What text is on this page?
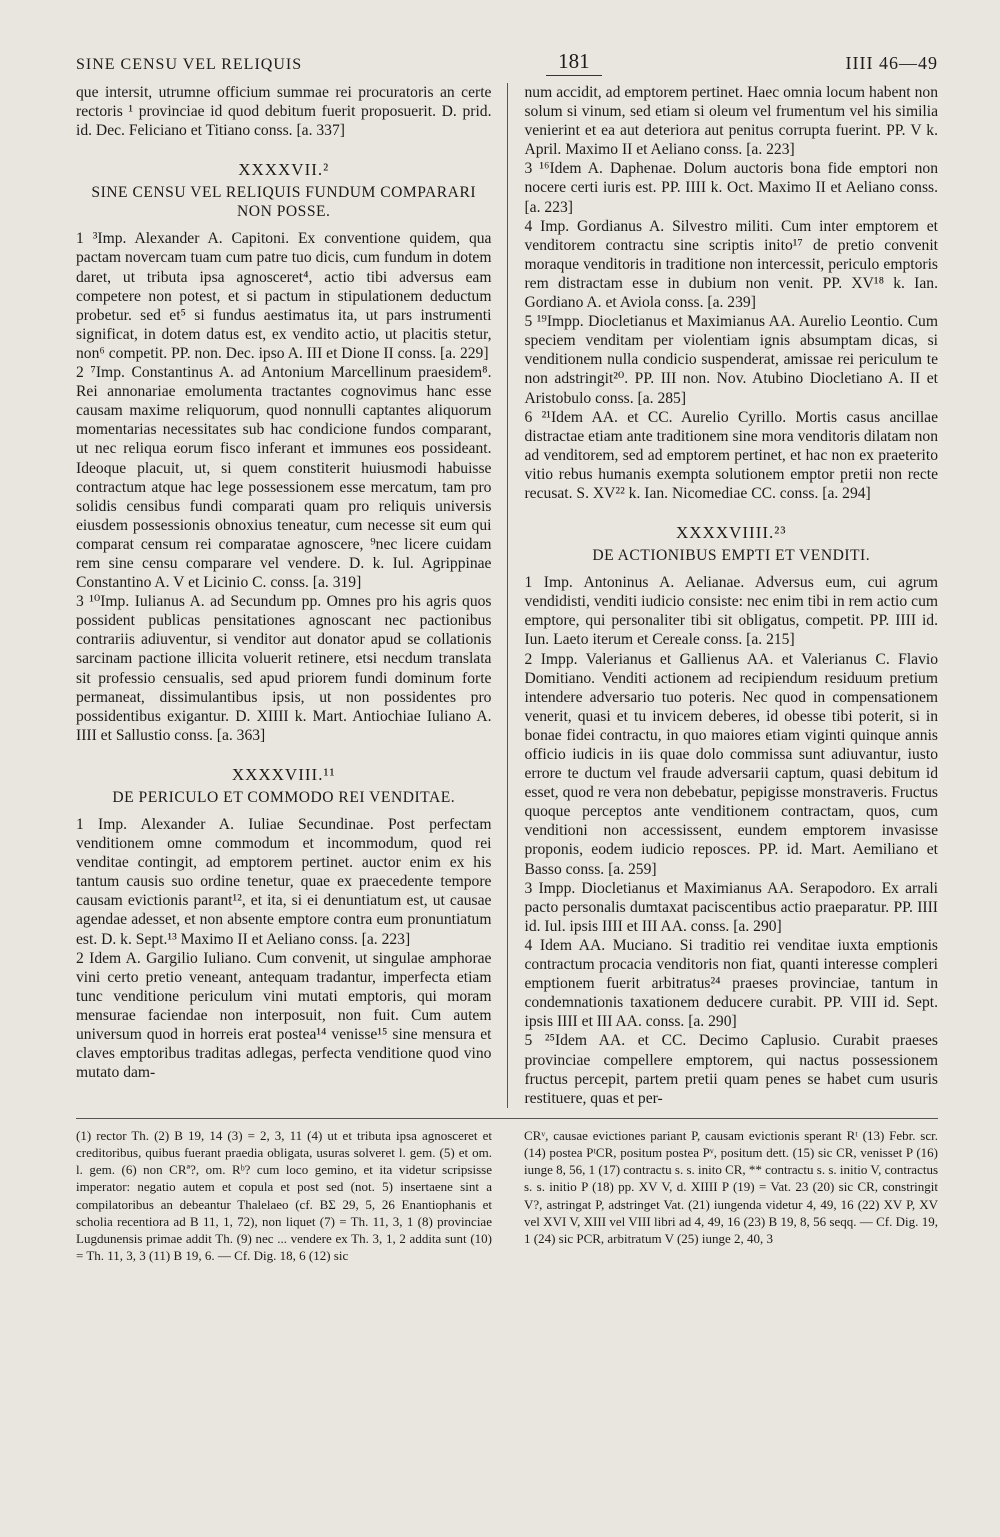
SINE CENSU VEL RELIQUIS	181	IIII 46—49

que intersit, utrumne officium summae rei procuratoris an certe rectoris ¹ provinciae id quod debitum fuerit proposuerit. D. prid. id. Dec. Feliciano et Titiano conss. [a. 337]

XXXXVII.²
SINE CENSU VEL RELIQUIS FUNDUM COMPARARI NON POSSE.

1 ³Imp. Alexander A. Capitoni. Ex conventione quidem, qua pactam novercam tuam cum patre tuo dicis, cum fundum in dotem daret, ut tributa ipsa agnosceret⁴, actio tibi adversus eam competere non potest, et si pactum in stipulationem deductum probetur. sed et⁵ si fundus aestimatus ita, ut pars instrumenti significat, in dotem datus est, ex vendito actio, ut placitis stetur, non⁶ competit. PP. non. Dec. ipso A. III et Dione II conss. [a. 229]

2 ⁷Imp. Constantinus A. ad Antonium Marcellinum praesidem⁸. Rei annonariae emolumenta tractantes cognovimus hanc esse causam maxime reliquorum, quod nonnulli captantes aliquorum momentarias necessitates sub hac condicione fundos comparant, ut nec reliqua eorum fisco inferant et immunes eos possideant. Ideoque placuit, ut, si quem constiterit huiusmodi habuisse contractum atque hac lege possessionem esse mercatum, tam pro solidis censibus fundi comparati quam pro reliquis universis eiusdem possessionis obnoxius teneatur, cum necesse sit eum qui comparat censum rei comparatae agnoscere, ⁹nec licere cuidam rem sine censu comparare vel vendere. D. k. Iul. Agrippinae Constantino A. V et Licinio C. conss. [a. 319]

3 ¹⁰Imp. Iulianus A. ad Secundum pp. Omnes pro his agris quos possident publicas pensitationes agnoscant nec pactionibus contrariis adiuventur, si venditor aut donator apud se collationis sarcinam pactione illicita voluerit retinere, etsi necdum translata sit professio censualis, sed apud priorem fundi dominum forte permaneat, dissimulantibus ipsis, ut non possidentes pro possidentibus exigantur. D. XIIII k. Mart. Antiochiae Iuliano A. IIII et Sallustio conss. [a. 363]

XXXXVIII.¹¹
DE PERICULO ET COMMODO REI VENDITAE.

1 Imp. Alexander A. Iuliae Secundinae. Post perfectam venditionem omne commodum et incommodum, quod rei venditae contingit, ad emptorem pertinet. auctor enim ex his tantum causis suo ordine tenetur, quae ex praecedente tempore causam evictionis parant¹², et ita, si ei denuntiatum est, ut causae agendae adesset, et non absente emptore contra eum pronuntiatum est. D. k. Sept.¹³ Maximo II et Aeliano conss. [a. 223]

2 Idem A. Gargilio Iuliano. Cum convenit, ut singulae amphorae vini certo pretio veneant, antequam tradantur, imperfecta etiam tunc venditione periculum vini mutati emptoris, qui moram mensurae faciendae non interposuit, non fuit. Cum autem universum quod in horreis erat postea¹⁴ venisse¹⁵ sine mensura et claves emptoribus traditas adlegas, perfecta venditione quod vino mutato dam-

num accidit, ad emptorem pertinet. Haec omnia locum habent non solum si vinum, sed etiam si oleum vel frumentum vel his similia venierint et ea aut deteriora aut penitus corrupta fuerint. PP. V k. April. Maximo II et Aeliano conss. [a. 223]

3 ¹⁶Idem A. Daphenae. Dolum auctoris bona fide emptori non nocere certi iuris est. PP. IIII k. Oct. Maximo II et Aeliano conss. [a. 223]

4 Imp. Gordianus A. Silvestro militi. Cum inter emptorem et venditorem contractu sine scriptis inito¹⁷ de pretio convenit moraque venditoris in traditione non intercessit, periculo emptoris rem distractam esse in dubium non venit. PP. XV¹⁸ k. Ian. Gordiano A. et Aviola conss. [a. 239]

5 ¹⁹Impp. Diocletianus et Maximianus AA. Aurelio Leontio. Cum speciem venditam per violentiam ignis absumptam dicas, si venditionem nulla condicio suspenderat, amissae rei periculum te non adstringit²⁰. PP. III non. Nov. Atubino Diocletiano A. II et Aristobulo conss. [a. 285]

6 ²¹Idem AA. et CC. Aurelio Cyrillo. Mortis casus ancillae distractae etiam ante traditionem sine mora venditoris dilatam non ad venditorem, sed ad emptorem pertinet, et hac non ex praeterito vitio rebus humanis exempta solutionem emptor pretii non recte recusat. S. XV²² k. Ian. Nicomediae CC. conss. [a. 294]

XXXXVIIII.²³
DE ACTIONIBUS EMPTI ET VENDITI.

1 Imp. Antoninus A. Aelianae. Adversus eum, cui agrum vendidisti, venditi iudicio consiste: nec enim tibi in rem actio cum emptore, qui personaliter tibi sit obligatus, competit. PP. IIII id. Iun. Laeto iterum et Cereale conss. [a. 215]

2 Impp. Valerianus et Gallienus AA. et Valerianus C. Flavio Domitiano. Venditi actionem ad recipiendum residuum pretium intendere adversario tuo poteris. Nec quod in compensationem venerit, quasi et tu invicem deberes, id obesse tibi poterit, si in bonae fidei contractu, in quo maiores etiam viginti quinque annis officio iudicis in iis quae dolo commissa sunt adiuvantur, iusto errore te ductum vel fraude adversarii captum, quasi debitum id esset, quod re vera non debebatur, pepigisse monstraveris. Fructus quoque perceptos ante venditionem contractam, quos, cum venditioni non accessissent, eundem emptorem invasisse proponis, eodem iudicio reposces. PP. id. Mart. Aemiliano et Basso conss. [a. 259]

3 Impp. Diocletianus et Maximianus AA. Serapodoro. Ex arrali pacto personalis dumtaxat paciscentibus actio praeparatur. PP. IIII id. Iul. ipsis IIII et III AA. conss. [a. 290]

4 Idem AA. Muciano. Si traditio rei venditae iuxta emptionis contractum procacia venditoris non fiat, quanti interesse compleri emptionem fuerit arbitratus²⁴ praeses provinciae, tantum in condemnationis taxationem deducere curabit. PP. VIII id. Sept. ipsis IIII et III AA. conss. [a. 290]

5 ²⁵Idem AA. et CC. Decimo Caplusio. Curabit praeses provinciae compellere emptorem, qui nactus possessionem fructus percepit, partem pretii quam penes se habet cum usuris restituere, quas et per-

(1) rector Th. (2) B 19, 14 (3) = 2, 3, 11 (4) ut et tributa ipsa agnosceret et creditoribus, quibus fuerant praedia obligata, usuras solveret l. gem. (5) et om. l. gem. (6) non CRª?, om. Rᵇ? cum loco gemino, et ita videtur scripsisse imperator: negatio autem et copula et post sed (not. 5) insertaene sint a compilatoribus an debeantur Thalelaeo (cf. BΣ 29, 5, 26 Enantiophanis et scholia recentiora ad B 11, 1, 72), non liquet (7) = Th. 11, 3, 1 (8) provinciae Lugdunensis primae addit Th. (9) nec ... vendere ex Th. 3, 1, 2 addita sunt (10) = Th. 11, 3, 3 (11) B 19, 6. — Cf. Dig. 18, 6 (12) sic
CRᵛ, causae evictiones pariant P, causam evictionis sperant Rᵗ (13) Febr. scr. (14) postea PᵗCR, positum postea Pᵛ, positum dett. (15) sic CR, venisset P (16) iunge 8, 56, 1 (17) contractu s. s. inito CR, ** contractu s. s. initio V, contractus s. s. initio P (18) pp. XV V, d. XIIII P (19) = Vat. 23 (20) sic CR, constringit V?, astringat P, adstringet Vat. (21) iungenda videtur 4, 49, 16 (22) XV P, XV vel XVI V, XIII vel VIII libri ad 4, 49, 16 (23) B 19, 8, 56 seqq. — Cf. Dig. 19, 1 (24) sic PCR, arbitratum V (25) iunge 2, 40, 3
